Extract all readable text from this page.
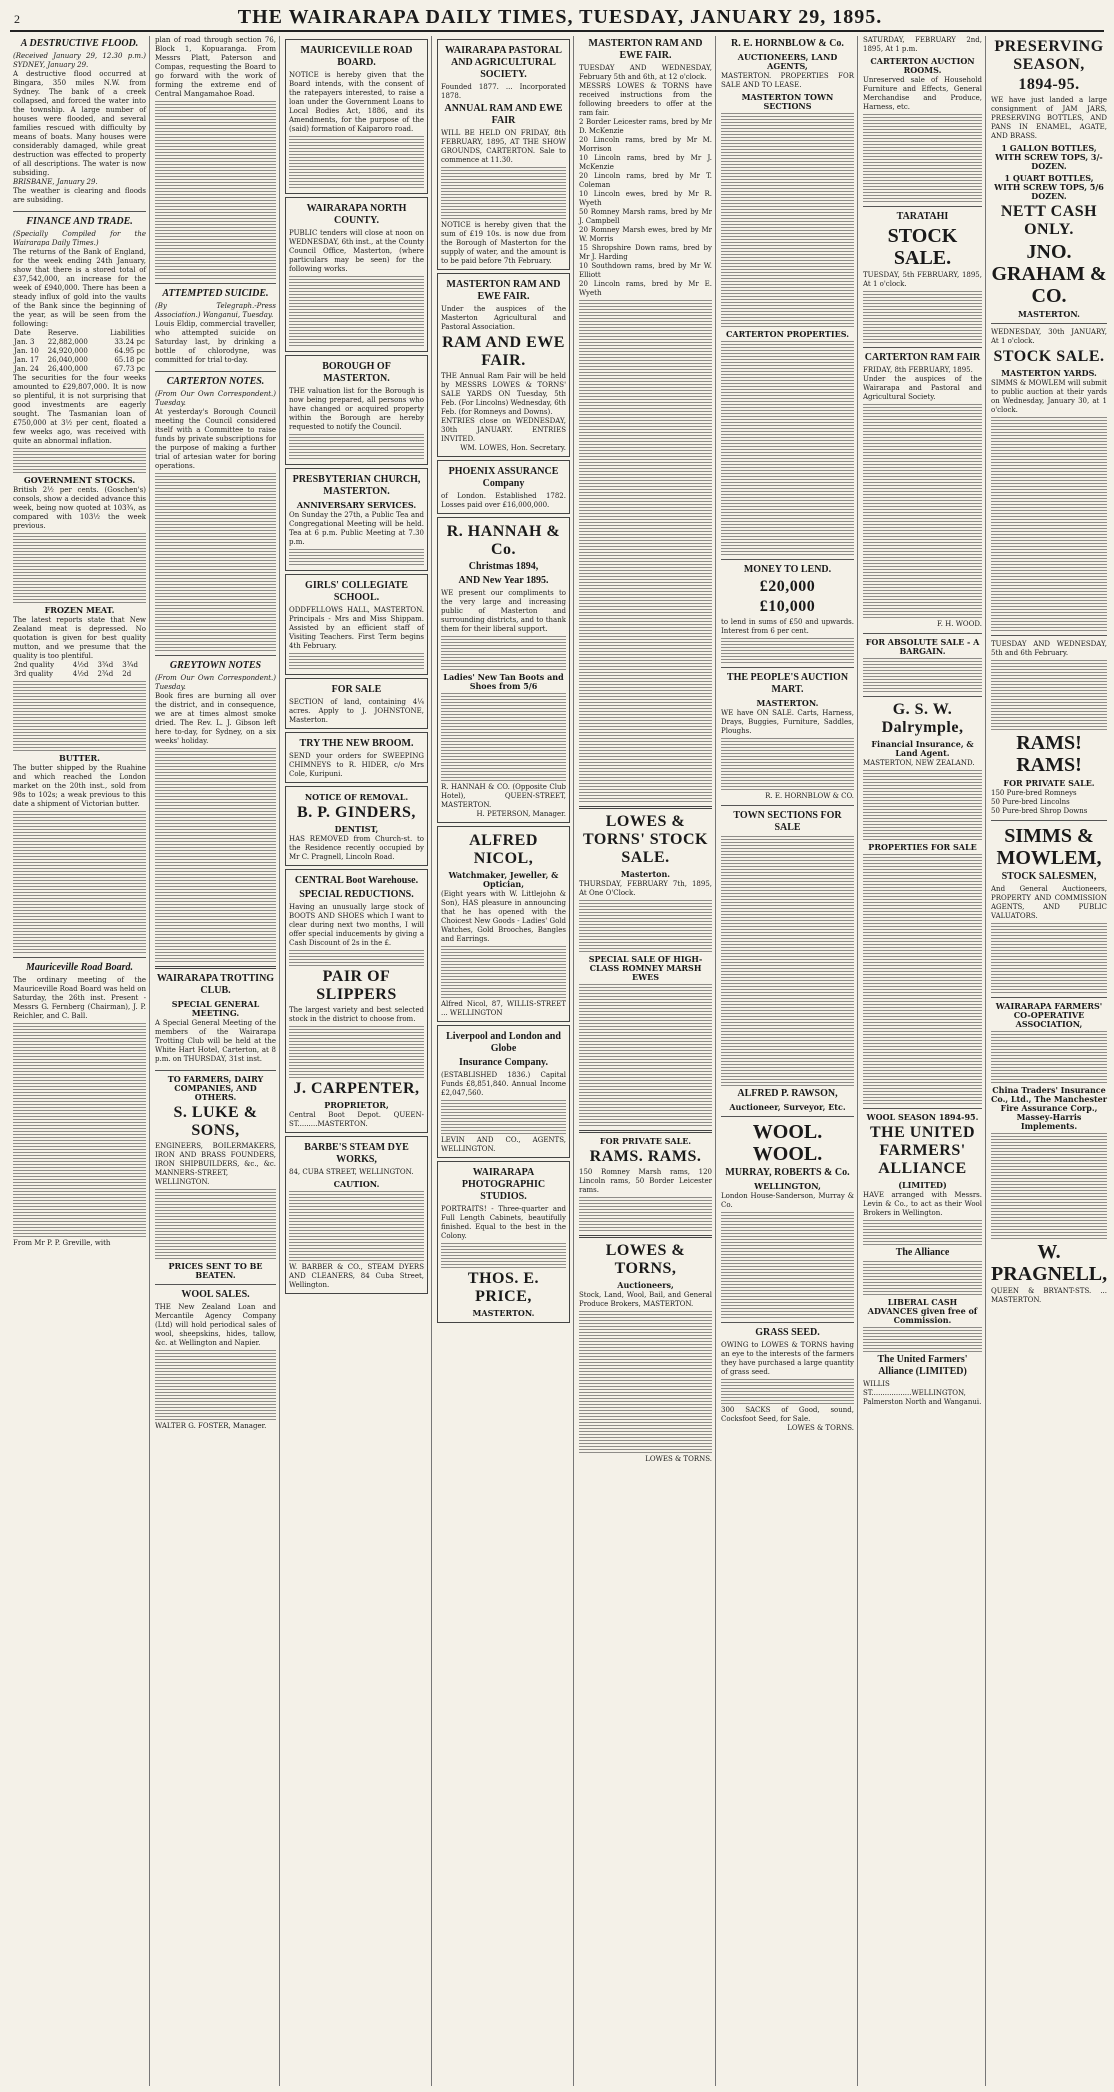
2	THE WAIRARAPA DAILY TIMES, TUESDAY, JANUARY 29, 1895.
A DESTRUCTIVE FLOOD.
(Received January 29, 12.30 p.m.) SYDNEY, January 29.
A destructive flood occurred at Bingara, 350 miles N.W. from Sydney. The bank of a creek collapsed, and forced the water into the township. A large number of houses were flooded, and several families rescued with difficulty by means of boats. Many houses were considerably damaged, while great destruction was effected to property of all descriptions. The water is now subsiding.
BRISBANE, January 29.
The weather is clearing and floods are subsiding.
FINANCE AND TRADE.
(Specially Compiled for the Wairarapa Daily Times.)
The returns of the Bank of England, for the week ending 24th January, show that there is a stored total of £37,542,000, an increase for the week of £940,000. There has been a steady influx of gold into the vaults of the Bank since the beginning of the year, as will be seen from the following:
Date	Reserve.	Liabilities
Jan. 3	22,882,000	33.24 pc
Jan. 10	24,920,000	64.95 pc
Jan. 17	26,040,000	65.18 pc
Jan. 24	26,400,000	67.73 pc
The securities for the four weeks amounted to £29,807,000. It is now so plentiful, it is not surprising that good investments are eagerly sought. The Tasmanian loan of £750,000 at 3½ per cent, floated a few weeks ago, was received with quite an abnormal inflation.
GOVERNMENT STOCKS.
British 2½ per cents. (Goschen's) consols, show a decided advance this week, being now quoted at 103¾, as compared with 103½ the week previous.
FROZEN MEAT.
The latest reports state that New Zealand meat is depressed. No quotation is given for best quality mutton, and we presume that the quality is too plentiful.
2nd quality	4½d	3¾d	3¾d
3rd quality	4½d	2¾d	2d
BUTTER.
The butter shipped by the Ruahine and which reached the London market on the 20th inst., sold from 98s to 102s; a weak previous to this date a shipment of Victorian butter.
Mauriceville Road Board.
The ordinary meeting of the Mauriceville Road Board was held on Saturday, the 26th inst. Present - Messrs G. Fernberg (Chairman), J. P. Reichler, and C. Ball.
From Mr P. P. Greville, with
plan of road through section 76, Block 1, Kopuaranga. From Messrs Platt, Paterson and Compas, requesting the Board to go forward with the work of forming the extreme end of Central Mangamahoe Road.
ATTEMPTED SUICIDE.
(By Telegraph.-Press Association.) Wanganui, Tuesday.
Louis Eldip, commercial traveller, who attempted suicide on Saturday last, by drinking a bottle of chlorodyne, was committed for trial to-day.
CARTERTON NOTES.
(From Our Own Correspondent.) Tuesday.
At yesterday's Borough Council meeting the Council considered itself with a Committee to raise funds by private subscriptions for the purpose of making a further trial of artesian water for boring operations.
GREYTOWN NOTES
(From Our Own Correspondent.) Tuesday.
Book fires are burning all over the district, and in consequence, we are at times almost smoke dried. The Rev. L. J. Gibson left here to-day, for Sydney, on a six weeks' holiday.
WAIRARAPA TROTTING CLUB.
SPECIAL GENERAL MEETING.
A Special General Meeting of the members of the Wairarapa Trotting Club will be held at the White Hart Hotel, Carterton, at 8 p.m. on THURSDAY, 31st inst.
TO FARMERS, DAIRY COMPANIES, AND OTHERS.
S. LUKE & SONS,
ENGINEERS, BOILERMAKERS, IRON AND BRASS FOUNDERS, IRON SHIPBUILDERS, &c., &c. MANNERS-STREET, WELLINGTON.
PRICES SENT TO BE BEATEN.
WOOL SALES.
THE New Zealand Loan and Mercantile Agency Company (Ltd) will hold periodical sales of wool, sheepskins, hides, tallow, &c. at Wellington and Napier.
WALTER G. FOSTER, Manager.
MAURICEVILLE ROAD BOARD.
NOTICE is hereby given that the Board intends, with the consent of the ratepayers interested, to raise a loan under the Government Loans to Local Bodies Act, 1886, and its Amendments, for the purpose of the (said) formation of Kaiparoro road.
WAIRARAPA NORTH COUNTY.
PUBLIC tenders will close at noon on WEDNESDAY, 6th inst., at the County Council Office, Masterton, (where particulars may be seen) for the following works.
BOROUGH OF MASTERTON.
THE valuation list for the Borough is now being prepared, all persons who have changed or acquired property within the Borough are hereby requested to notify the Council.
PRESBYTERIAN CHURCH, MASTERTON.
ANNIVERSARY SERVICES.
On Sunday the 27th, a Public Tea and Congregational Meeting will be held. Tea at 6 p.m. Public Meeting at 7.30 p.m.
GIRLS' COLLEGIATE SCHOOL.
ODDFELLOWS HALL, MASTERTON. Principals - Mrs and Miss Shippam. Assisted by an efficient staff of Visiting Teachers. First Term begins 4th February.
FOR SALE
SECTION of land, containing 4¼ acres. Apply to J. JOHNSTONE, Masterton.
TRY THE NEW BROOM.
SEND your orders for SWEEPING CHIMNEYS to R. HIDER, c/o Mrs Cole, Kuripuni.
NOTICE OF REMOVAL.
B. P. GINDERS,
DENTIST,
HAS REMOVED from Church-st. to the Residence recently occupied by Mr C. Pragnell, Lincoln Road.
CENTRAL Boot Warehouse.
SPECIAL REDUCTIONS.
Having an unusually large stock of BOOTS AND SHOES which I want to clear during next two months, I will offer special inducements by giving a Cash Discount of 2s in the £.
PAIR OF SLIPPERS
The largest variety and best selected stock in the district to choose from.
J. CARPENTER,
PROPRIETOR,
Central Boot Depot. QUEEN-ST.........MASTERTON.
BARBE'S STEAM DYE WORKS,
84, CUBA STREET, WELLINGTON.
CAUTION.
W. BARBER & CO., STEAM DYERS AND CLEANERS, 84 Cuba Street, Wellington.
WAIRARAPA PASTORAL AND AGRICULTURAL SOCIETY.
Founded 1877. ... Incorporated 1878.
ANNUAL RAM AND EWE FAIR
WILL BE HELD ON FRIDAY, 8th FEBRUARY, 1895, AT THE SHOW GROUNDS, CARTERTON. Sale to commence at 11.30.
NOTICE is hereby given that the sum of £19 10s. is now due from the Borough of Masterton for the supply of water, and the amount is to be paid before 7th February.
MASTERTON RAM AND EWE FAIR.
Under the auspices of the Masterton Agricultural and Pastoral Association.
RAM AND EWE FAIR.
THE Annual Ram Fair will be held by MESSRS LOWES & TORNS' SALE YARDS ON Tuesday, 5th Feb. (For Lincolns) Wednesday, 6th Feb. (for Romneys and Downs).
ENTRIES close on WEDNESDAY, 30th JANUARY. ENTRIES INVITED.
WM. LOWES, Hon. Secretary.
PHOENIX ASSURANCE Company
of London. Established 1782. Losses paid over £16,000,000.
R. HANNAH & Co.
Christmas 1894,
AND New Year 1895.
WE present our compliments to the very large and increasing public of Masterton and surrounding districts, and to thank them for their liberal support.
Ladies' New Tan Boots and Shoes from 5/6
R. HANNAH & CO. (Opposite Club Hotel), QUEEN-STREET, MASTERTON.
H. PETERSON, Manager.
ALFRED NICOL,
Watchmaker, Jeweller, & Optician,
(Eight years with W. Littlejohn & Son), HAS pleasure in announcing that he has opened with the Choicest New Goods - Ladies' Gold Watches, Gold Brooches, Bangles and Earrings.
Alfred Nicol, 87, WILLIS-STREET ... WELLINGTON
Liverpool and London and Globe
Insurance Company.
(ESTABLISHED 1836.) Capital Funds £8,851,840. Annual Income £2,047,560.
LEVIN AND CO., AGENTS, WELLINGTON.
WAIRARAPA PHOTOGRAPHIC STUDIOS.
PORTRAITS! - Three-quarter and Full Length Cabinets, beautifully finished. Equal to the best in the Colony.
THOS. E. PRICE,
MASTERTON.
MASTERTON RAM AND EWE FAIR.
TUESDAY AND WEDNESDAY, February 5th and 6th, at 12 o'clock.
MESSRS LOWES & TORNS have received instructions from the following breeders to offer at the ram fair.
2 Border Leicester rams, bred by Mr D. McKenzie
20 Lincoln rams, bred by Mr M. Morrison
10 Lincoln rams, bred by Mr J. McKenzie
20 Lincoln rams, bred by Mr T. Coleman
10 Lincoln ewes, bred by Mr R. Wyeth
50 Romney Marsh rams, bred by Mr J. Campbell
20 Romney Marsh ewes, bred by Mr W. Morris
15 Shropshire Down rams, bred by Mr J. Harding
10 Southdown rams, bred by Mr W. Elliott
20 Lincoln rams, bred by Mr E. Wyeth
LOWES & TORNS' STOCK SALE.
Masterton.
THURSDAY, FEBRUARY 7th, 1895, At One O'Clock.
SPECIAL SALE OF HIGH-CLASS ROMNEY MARSH EWES
FOR PRIVATE SALE.
RAMS. RAMS.
150 Romney Marsh rams, 120 Lincoln rams, 50 Border Leicester rams.
LOWES & TORNS,
Auctioneers,
Stock, Land, Wool, Bail, and General Produce Brokers, MASTERTON.
LOWES & TORNS.
R. E. HORNBLOW & Co.
AUCTIONEERS, LAND AGENTS,
MASTERTON. PROPERTIES FOR SALE AND TO LEASE.
MASTERTON TOWN SECTIONS
CARTERTON PROPERTIES.
MONEY TO LEND.
£20,000
£10,000
to lend in sums of £50 and upwards. Interest from 6 per cent.
THE PEOPLE'S AUCTION MART.
MASTERTON.
WE have ON SALE. Carts, Harness, Drays, Buggies, Furniture, Saddles, Ploughs.
R. E. HORNBLOW & CO.
TOWN SECTIONS FOR SALE
ALFRED P. RAWSON,
Auctioneer, Surveyor, Etc.
WOOL. WOOL.
MURRAY, ROBERTS & Co.
WELLINGTON,
London House-Sanderson, Murray & Co.
GRASS SEED.
OWING to LOWES & TORNS having an eye to the interests of the farmers they have purchased a large quantity of grass seed.
300 SACKS of Good, sound, Cocksfoot Seed, for Sale.
LOWES & TORNS.
SATURDAY, FEBRUARY 2nd, 1895, At 1 p.m.
CARTERTON AUCTION ROOMS.
Unreserved sale of Household Furniture and Effects, General Merchandise and Produce, Harness, etc.
TARATAHI
STOCK SALE.
TUESDAY, 5th FEBRUARY, 1895, At 1 o'clock.
CARTERTON RAM FAIR
FRIDAY, 8th FEBRUARY, 1895.
Under the auspices of the Wairarapa and Pastoral and Agricultural Society.
F. H. WOOD.
FOR ABSOLUTE SALE - A BARGAIN.
G. S. W. Dalrymple,
Financial Insurance, & Land Agent.
MASTERTON, NEW ZEALAND.
PROPERTIES FOR SALE
WOOL SEASON 1894-95.
THE UNITED FARMERS' ALLIANCE
(LIMITED)
HAVE arranged with Messrs. Levin & Co., to act as their Wool Brokers in Wellington.
The Alliance
LIBERAL CASH ADVANCES given free of Commission.
The United Farmers' Alliance (LIMITED)
WILLIS ST..................WELLINGTON,
Palmerston North and Wanganui.
PRESERVING SEASON,
1894-95.
WE have just landed a large consignment of JAM JARS, PRESERVING BOTTLES, AND PANS IN ENAMEL, AGATE, AND BRASS.
1 GALLON BOTTLES, WITH SCREW TOPS, 3/- DOZEN.
1 QUART BOTTLES, WITH SCREW TOPS, 5/6 DOZEN.
NETT CASH ONLY.
JNO. GRAHAM & CO.
MASTERTON.
WEDNESDAY, 30th JANUARY, At 1 o'clock.
STOCK SALE.
MASTERTON YARDS.
SIMMS & MOWLEM will submit to public auction at their yards on Wednesday, January 30, at 1 o'clock.
TUESDAY AND WEDNESDAY, 5th and 6th February.
RAMS! RAMS!
FOR PRIVATE SALE.
150 Pure-bred Romneys
50 Pure-bred Lincolns
50 Pure-bred Shrop Downs
SIMMS & MOWLEM,
STOCK SALESMEN,
And General Auctioneers, PROPERTY AND COMMISSION AGENTS, AND PUBLIC VALUATORS.
WAIRARAPA FARMERS' CO-OPERATIVE ASSOCIATION,
China Traders' Insurance Co., Ltd., The Manchester Fire Assurance Corp., Massey-Harris Implements.
W. PRAGNELL,
QUEEN & BRYANT-STS. ... MASTERTON.
